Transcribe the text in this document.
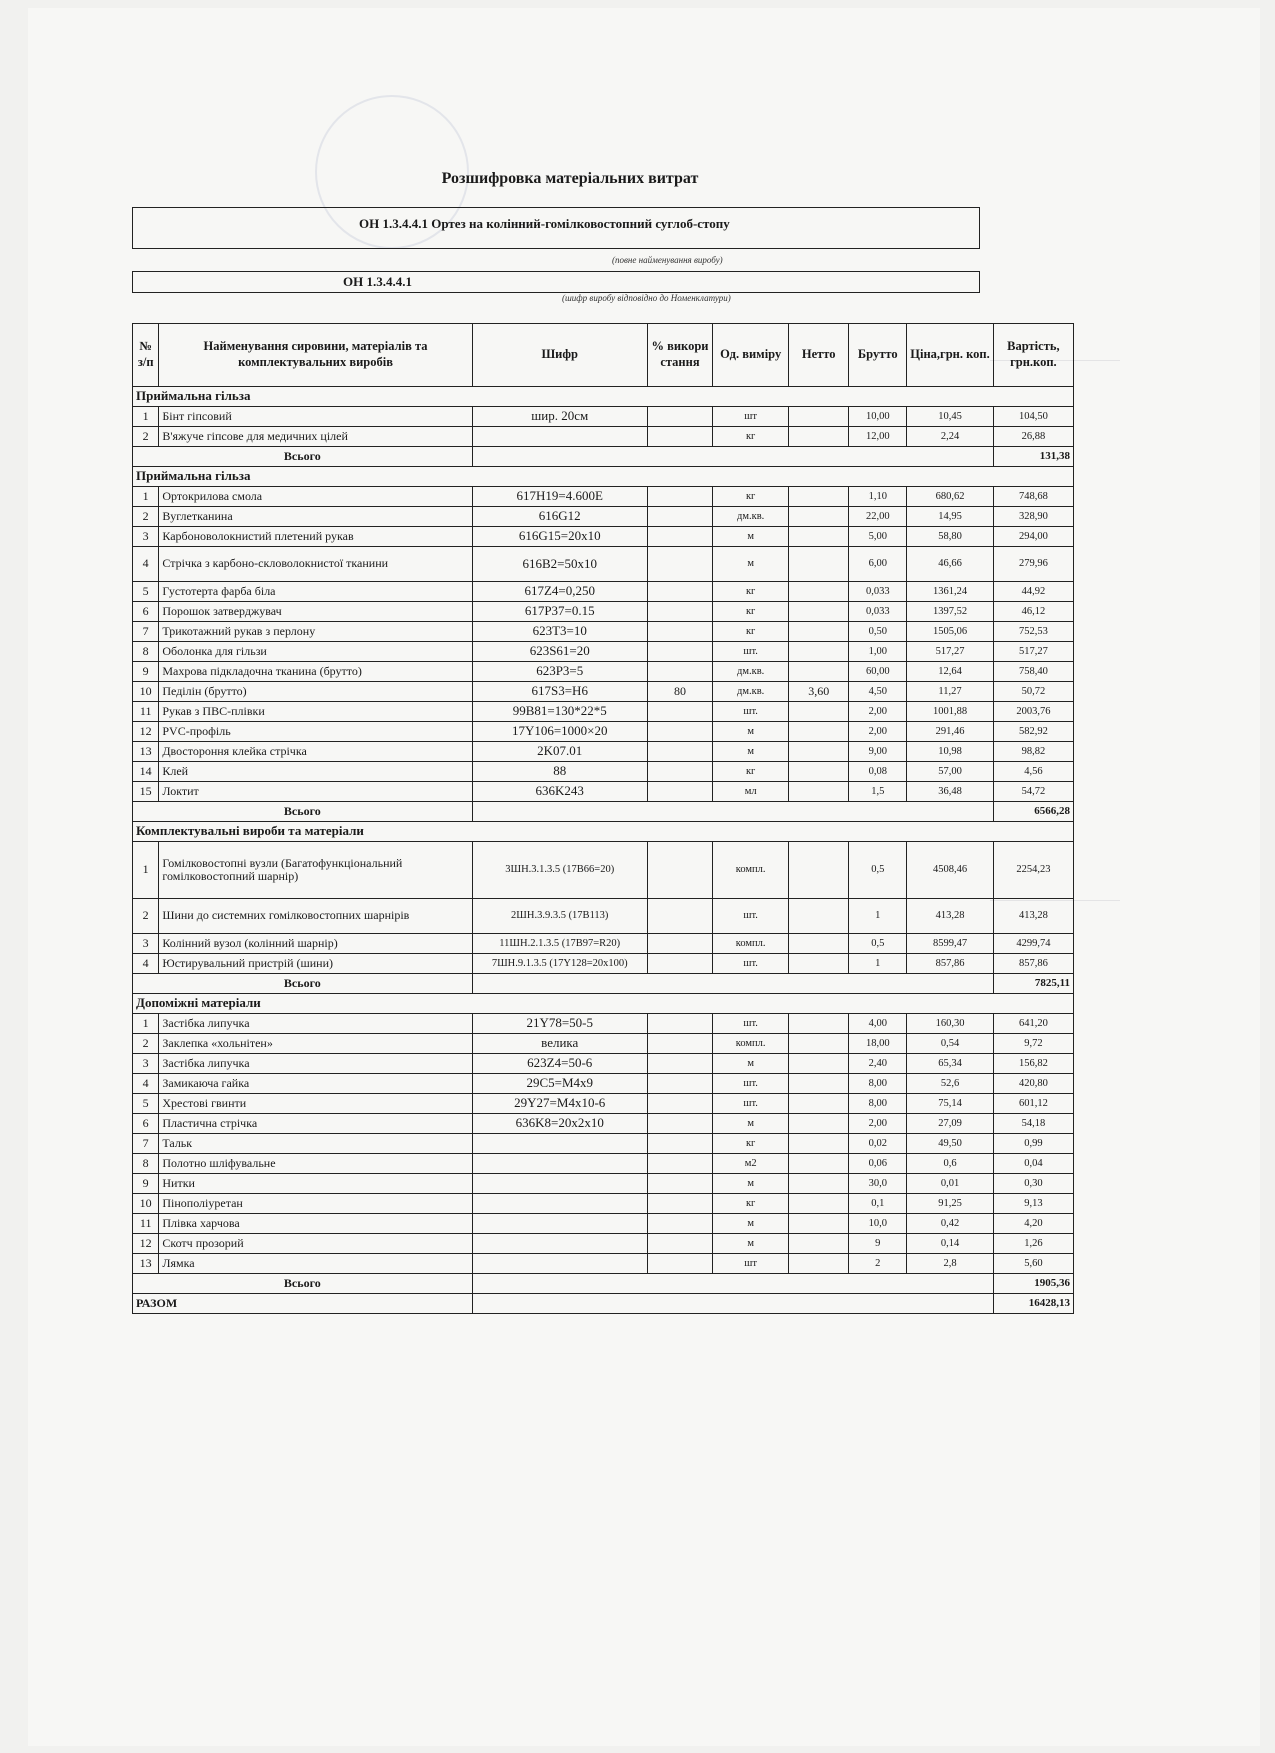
Розшифровка матеріальних витрат
ОН 1.3.4.4.1 Ортез на колінний-гомілковостопний суглоб-стопу
(повне найменування виробу)
ОН 1.3.4.4.1
(шифр виробу відповідно до Номенклатури)
№ з/п	Найменування сировини, матеріалів та комплектувальних виробів	Шифр	% викори стання	Од. виміру	Нетто	Брутто	Ціна,грн. коп.	Вартість, грн.коп.
Приймальна гільза								
1	Бінт гіпсовий	шир. 20см		шт		10,00	10,45	104,50
2	В'яжуче гіпсове для медичних цілей			кг		12,00	2,24	26,88
Всього								131,38
Приймальна гільза								
1	Ортокрилова смола	617H19=4.600E		кг		1,10	680,62	748,68
2	Вуглетканина	616G12		дм.кв.		22,00	14,95	328,90
3	Карбоноволокнистий плетений рукав	616G15=20x10		м		5,00	58,80	294,00
4	Стрічка з карбоно-скловолокнистої тканини	616B2=50x10		м		6,00	46,66	279,96
5	Густотерта фарба біла	617Z4=0,250		кг		0,033	1361,24	44,92
6	Порошок затверджувач	617P37=0.15		кг		0,033	1397,52	46,12
7	Трикотажний рукав з перлону	623T3=10		кг		0,50	1505,06	752,53
8	Оболонка для гільзи	623S61=20		шт.		1,00	517,27	517,27
9	Махрова підкладочна тканина (брутто)	623P3=5		дм.кв.		60,00	12,64	758,40
10	Педілін (брутто)	617S3=H6	80	дм.кв.	3,60	4,50	11,27	50,72
11	Рукав з ПВС-плівки	99B81=130*22*5		шт.		2,00	1001,88	2003,76
12	PVC-профіль	17Y106=1000×20		м		2,00	291,46	582,92
13	Двостороння клейка стрічка	2K07.01		м		9,00	10,98	98,82
14	Клей	88		кг		0,08	57,00	4,56
15	Локтит	636K243		мл		1,5	36,48	54,72
Всього								6566,28
Комплектувальні вироби та матеріали								
1	Гомілковостопні вузли (Багатофункціональний гомілковостопний шарнір)	3ШН.3.1.3.5 (17B66=20)		компл.		0,5	4508,46	2254,23
2	Шини до системних гомілковостопних шарнірів	2ШН.3.9.3.5 (17B113)		шт.		1	413,28	413,28
3	Колінний вузол (колінний шарнір)	11ШН.2.1.3.5 (17B97=R20)		компл.		0,5	8599,47	4299,74
4	Юстирувальний пристрій (шини)	7ШН.9.1.3.5 (17Y128=20x100)		шт.		1	857,86	857,86
Всього								7825,11
Допоміжні матеріали								
1	Застібка липучка	21Y78=50-5		шт.		4,00	160,30	641,20
2	Заклепка «хольнітен»	велика		компл.		18,00	0,54	9,72
3	Застібка липучка	623Z4=50-6		м		2,40	65,34	156,82
4	Замикаюча гайка	29C5=M4x9		шт.		8,00	52,6	420,80
5	Хрестові гвинти	29Y27=M4x10-6		шт.		8,00	75,14	601,12
6	Пластична стрічка	636K8=20x2x10		м		2,00	27,09	54,18
7	Тальк			кг		0,02	49,50	0,99
8	Полотно шліфувальне			м2		0,06	0,6	0,04
9	Нитки			м		30,0	0,01	0,30
10	Пінополіуретан			кг		0,1	91,25	9,13
11	Плівка харчова			м		10,0	0,42	4,20
12	Скотч прозорий			м		9	0,14	1,26
13	Лямка			шт		2	2,8	5,60
Всього								1905,36
РАЗОМ								16428,13
